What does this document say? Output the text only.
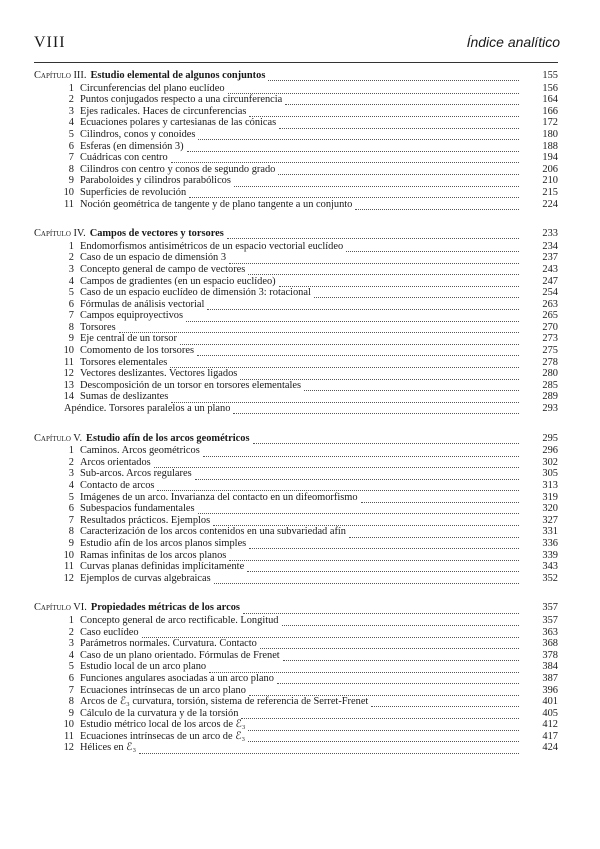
VIII	Índice analítico
Capítulo III. Estudio elemental de algunos conjuntos	155
1 Circunferencias del plano euclídeo	156
2 Puntos conjugados respecto a una circunferencia	164
3 Ejes radicales. Haces de circunferencias	166
4 Ecuaciones polares y cartesianas de las cónicas	172
5 Cilindros, conos y conoides	180
6 Esferas (en dimensión 3)	188
7 Cuádricas con centro	194
8 Cilindros con centro y conos de segundo grado	206
9 Paraboloides y cilindros parabólicos	210
10 Superficies de revolución	215
11 Noción geométrica de tangente y de plano tangente a un conjunto	224
Capítulo IV. Campos de vectores y torsores	233
1 Endomorfismos antisimétricos de un espacio vectorial euclídeo	234
2 Caso de un espacio de dimensión 3	237
3 Concepto general de campo de vectores	243
4 Campos de gradientes (en un espacio euclídeo)	247
5 Caso de un espacio euclídeo de dimensión 3: rotacional	254
6 Fórmulas de análisis vectorial	263
7 Campos equiproyectivos	265
8 Torsores	270
9 Eje central de un torsor	273
10 Comomento de los torsores	275
11 Torsores elementales	278
12 Vectores deslizantes. Vectores ligados	280
13 Descomposición de un torsor en torsores elementales	285
14 Sumas de deslizantes	289
Apéndice. Torsores paralelos a un plano	293
Capítulo V. Estudio afín de los arcos geométricos	295
1 Caminos. Arcos geométricos	296
2 Arcos orientados	302
3 Sub-arcos. Arcos regulares	305
4 Contacto de arcos	313
5 Imágenes de un arco. Invarianza del contacto en un difeomorfismo	319
6 Subespacios fundamentales	320
7 Resultados prácticos. Ejemplos	327
8 Caracterización de los arcos contenidos en una subvariedad afín	331
9 Estudio afín de los arcos planos simples	336
10 Ramas infinitas de los arcos planos	339
11 Curvas planas definidas implícitamente	343
12 Ejemplos de curvas algebraicas	352
Capítulo VI. Propiedades métricas de los arcos	357
1 Concepto general de arco rectificable. Longitud	357
2 Caso euclídeo	363
3 Parámetros normales. Curvatura. Contacto	368
4 Caso de un plano orientado. Fórmulas de Frenet	378
5 Estudio local de un arco plano	384
6 Funciones angulares asociadas a un arco plano	387
7 Ecuaciones intrínsecas de un arco plano	396
8 Arcos de ℰ₃ curvatura, torsión, sistema de referencia de Serret-Frenet	401
9 Cálculo de la curvatura y de la torsión	405
10 Estudio métrico local de los arcos de ℰ₃	412
11 Ecuaciones intrínsecas de un arco de ℰ₃	417
12 Hélices en ℰ₃	424
